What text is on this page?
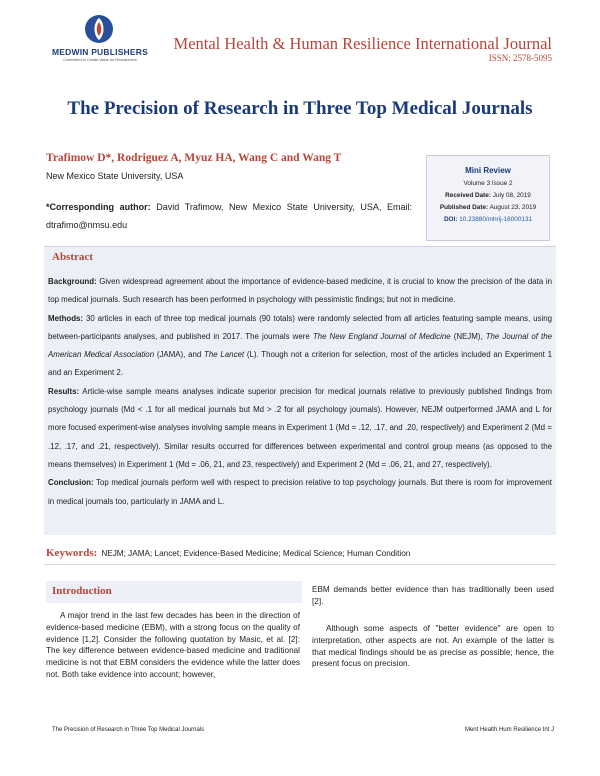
MEDWIN PUBLISHERS
Committed to Create Value for Researchers
Mental Health & Human Resilience International Journal
ISSN: 2578-5095
The Precision of Research in Three Top Medical Journals
Trafimow D*, Rodriguez A, Myuz HA, Wang C and Wang T
New Mexico State University, USA
*Corresponding author: David Trafimow, New Mexico State University, USA, Email: dtrafimo@nmsu.edu
Mini Review
Volume 3 Issue 2
Received Date: July 08, 2019
Published Date: August 23, 2019
DOI: 10.23880/mhrij-16000131
Abstract

Background: Given widespread agreement about the importance of evidence-based medicine, it is crucial to know the precision of the data in top medical journals. Such research has been performed in psychology with pessimistic findings; but not in medicine.

Methods: 30 articles in each of three top medical journals (90 totals) were randomly selected from all articles featuring sample means, using between-participants analyses, and published in 2017. The journals were The New England Journal of Medicine (NEJM), The Journal of the American Medical Association (JAMA), and The Lancet (L). Though not a criterion for selection, most of the articles included an Experiment 1 and an Experiment 2.

Results: Article-wise sample means analyses indicate superior precision for medical journals relative to previously published findings from psychology journals (Md < .1 for all medical journals but Md > .2 for all psychology journals). However, NEJM outperformed JAMA and L for more focused experiment-wise analyses involving sample means in Experiment 1 (Md = .12, .17, and .20, respectively) and Experiment 2 (Md = .12, .17, and .21, respectively). Similar results occurred for differences between experimental and control group means (as opposed to the means themselves) in Experiment 1 (Md = .06, 21, and 23, respectively) and Experiment 2 (Md = .06, 21, and 27, respectively).

Conclusion: Top medical journals perform well with respect to precision relative to top psychology journals. But there is room for improvement in medical journals too, particularly in JAMA and L.

Keywords: NEJM; JAMA; Lancet; Evidence-Based Medicine; Medical Science; Human Condition
Introduction

A major trend in the last few decades has been in the direction of evidence-based medicine (EBM), with a strong focus on the quality of evidence [1,2]. Consider the following quotation by Masic, et al. [2]: The key difference between evidence-based medicine and traditional medicine is not that EBM considers the evidence while the latter does not. Both take evidence into account; however,

EBM demands better evidence than has traditionally been used [2].

Although some aspects of "better evidence" are open to interpretation, other aspects are not. An example of the latter is that medical findings should be as precise as possible; hence, the present focus on precision.

The Precision of Research in Three Top Medical Journals	Ment Health Hum Resilience Int J
